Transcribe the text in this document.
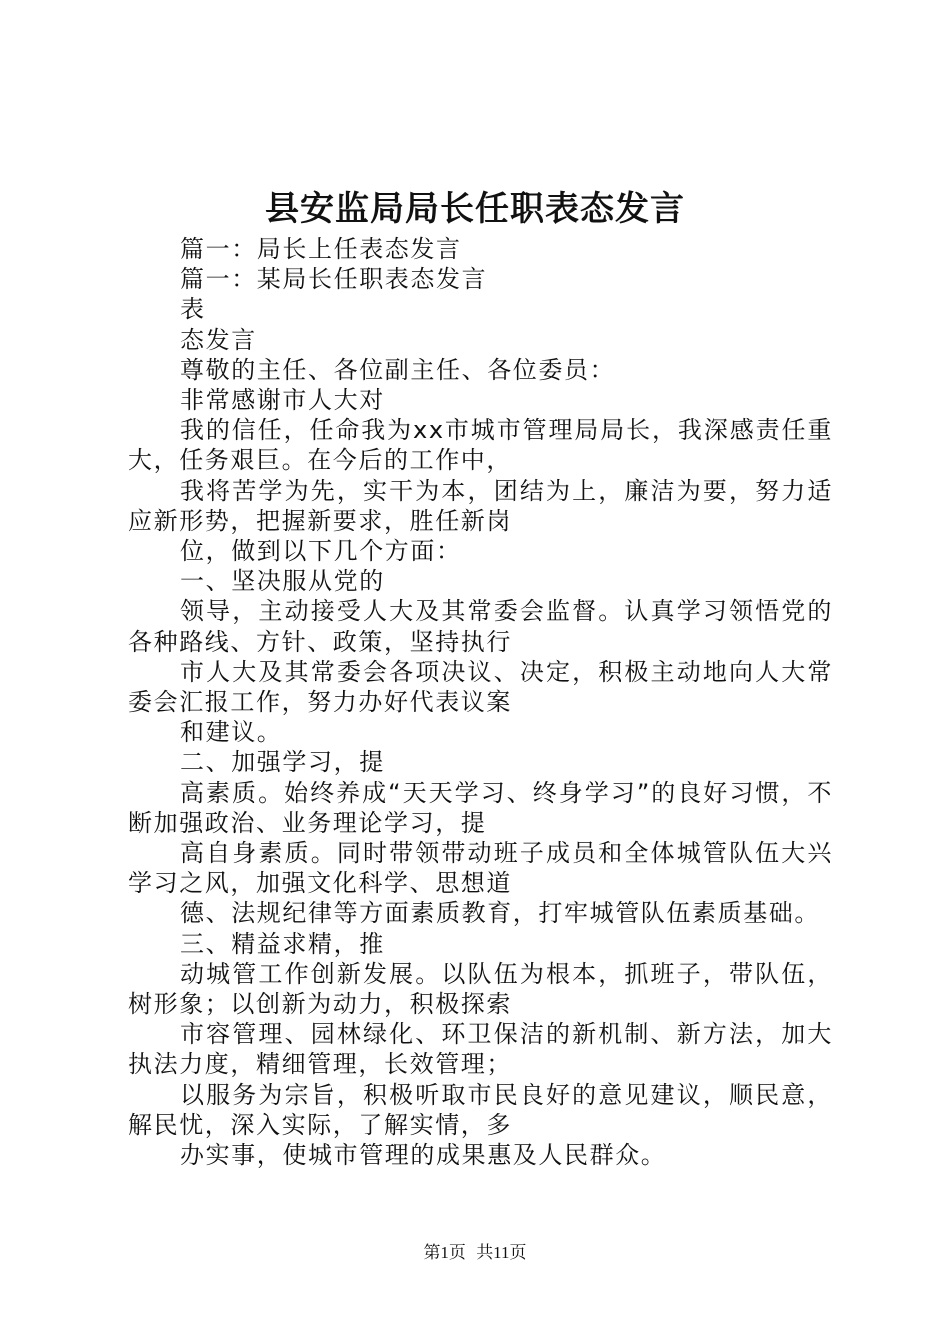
县安监局局长任职表态发言

篇一：局长上任表态发言

篇一：某局长任职表态发言

表

态发言

尊敬的主任、各位副主任、各位委员：

非常感谢市人大对

我的信任，任命我为xx市城市管理局局长，我深感责任重大，任务艰巨。在今后的工作中，

我将苦学为先，实干为本，团结为上，廉洁为要，努力适应新形势，把握新要求，胜任新岗

位，做到以下几个方面：

一、坚决服从党的

领导，主动接受人大及其常委会监督。认真学习领悟党的各种路线、方针、政策，坚持执行

市人大及其常委会各项决议、决定，积极主动地向人大常委会汇报工作，努力办好代表议案

和建议。

二、加强学习，提

高素质。始终养成“天天学习、终身学习”的良好习惯，不断加强政治、业务理论学习，提

高自身素质。同时带领带动班子成员和全体城管队伍大兴学习之风，加强文化科学、思想道

德、法规纪律等方面素质教育，打牢城管队伍素质基础。

三、精益求精，推

动城管工作创新发展。以队伍为根本，抓班子，带队伍，树形象；以创新为动力，积极探索

市容管理、园林绿化、环卫保洁的新机制、新方法，加大执法力度，精细管理，长效管理；

以服务为宗旨，积极听取市民良好的意见建议，顺民意，解民忧，深入实际，了解实情，多

办实事，使城市管理的成果惠及人民群众。

第1页 共11页
